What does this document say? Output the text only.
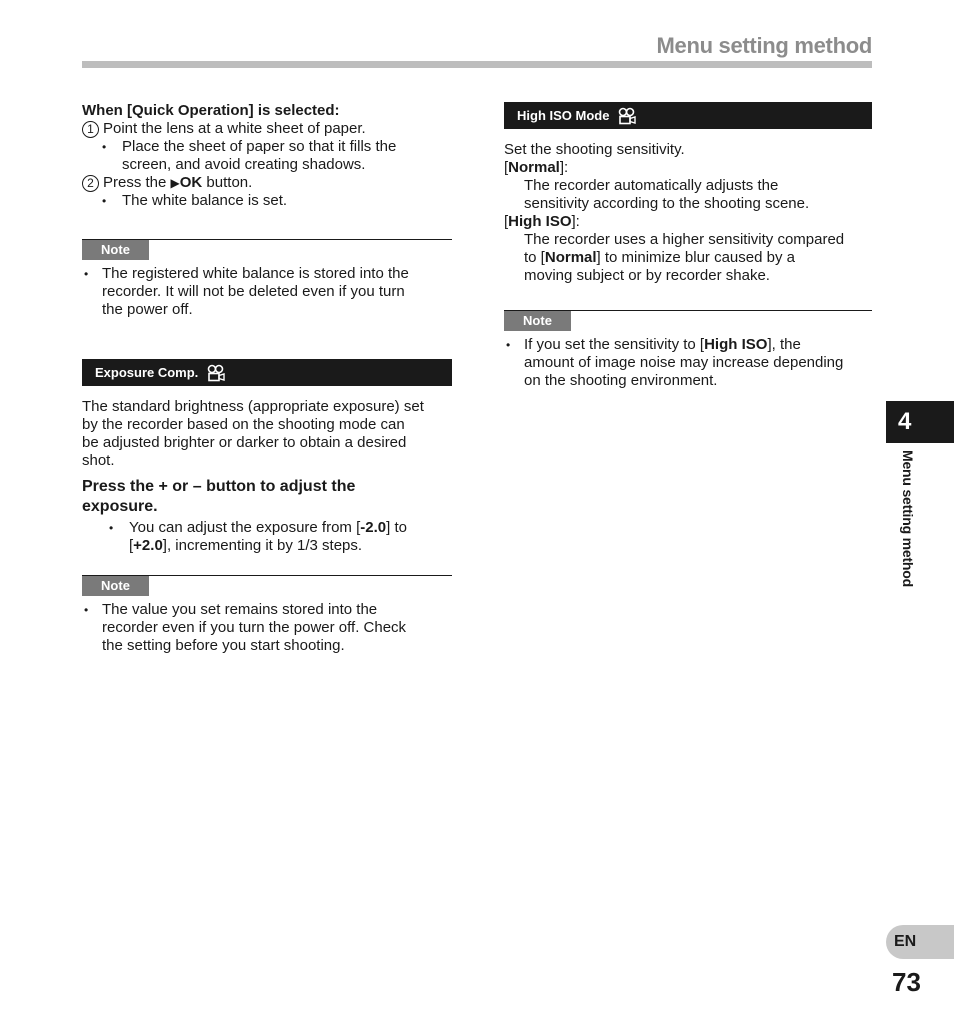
Menu setting method
When [Quick Operation] is selected:
1 Point the lens at a white sheet of paper.
• Place the sheet of paper so that it fills the
screen, and avoid creating shadows.
2 Press the ▶OK button.
• The white balance is set.
Note
• The registered white balance is stored into the
recorder. It will not be deleted even if you turn
the power off.
Exposure Comp.
The standard brightness (appropriate exposure) set
by the recorder based on the shooting mode can
be adjusted brighter or darker to obtain a desired
shot.
Press the + or – button to adjust the
exposure.
• You can adjust the exposure from [-2.0] to
[+2.0], incrementing it by 1/3 steps.
Note
• The value you set remains stored into the
recorder even if you turn the power off. Check
the setting before you start shooting.
High ISO Mode
Set the shooting sensitivity.
[Normal]:
The recorder automatically adjusts the
sensitivity according to the shooting scene.
[High ISO]:
The recorder uses a higher sensitivity compared
to [Normal] to minimize blur caused by a
moving subject or by recorder shake.
Note
• If you set the sensitivity to [High ISO], the
amount of image noise may increase depending
on the shooting environment.
4
Menu setting method
EN
73
